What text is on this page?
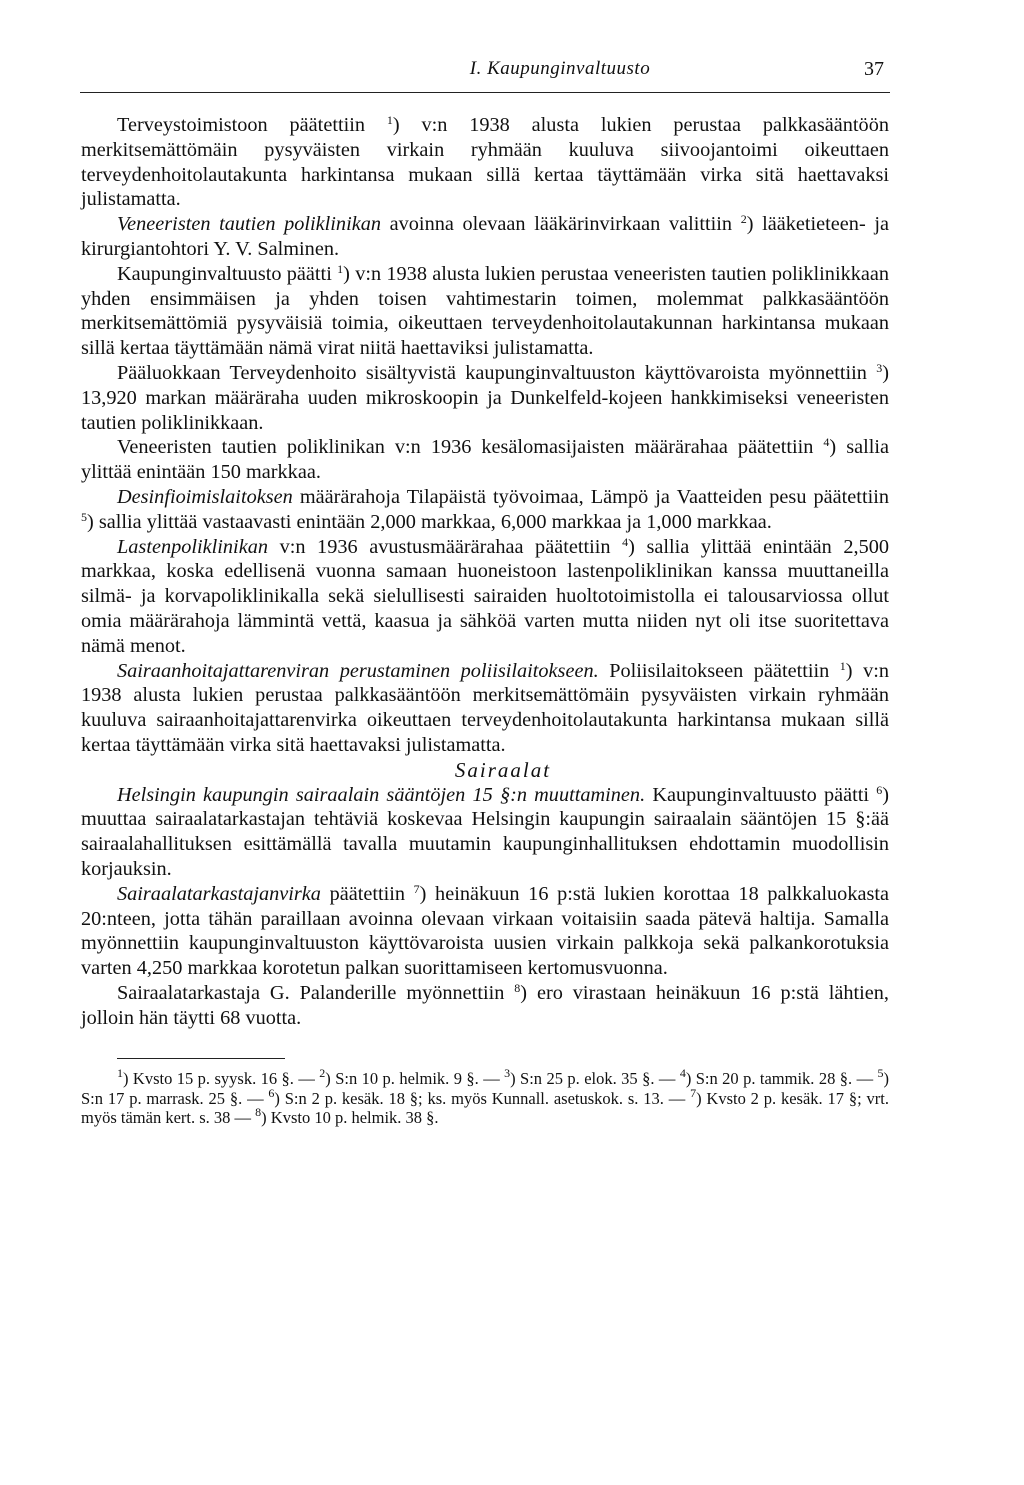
I. Kaupunginvaltuusto	37

Terveystoimistoon päätettiin $^1$) v:n 1938 alusta lukien perustaa palkkasääntöön merkitsemättömäin pysyväisten virkain ryhmään kuuluva siivoojantoimi oikeuttaen terveydenhoitolautakunta harkintansa mukaan sillä kertaa täyttämään virka sitä haettavaksi julistamatta.

Veneeristen tautien poliklinikan avoinna olevaan lääkärinvirkaan valittiin $^2$) lääketieteen- ja kirurgiantohtori Y. V. Salminen.

Kaupunginvaltuusto päätti $^1$) v:n 1938 alusta lukien perustaa veneeristen tautien poliklinikkaan yhden ensimmäisen ja yhden toisen vahtimestarin toimen, molemmat palkkasääntöön merkitsemättömiä pysyväisiä toimia, oikeuttaen terveydenhoitolautakunnan harkintansa mukaan sillä kertaa täyttämään nämä virat niitä haettaviksi julistamatta.

Pääluokkaan Terveydenhoito sisältyvistä kaupunginvaltuuston käyttövaroista myönnettiin $^3$) 13,920 markan määräraha uuden mikroskoopin ja Dunkelfeld-kojeen hankkimiseksi veneeristen tautien poliklinikkaan.

Veneeristen tautien poliklinikan v:n 1936 kesälomasijaisten määrärahaa päätettiin $^4$) sallia ylittää enintään 150 markkaa.

Desinfioimislaitoksen määrärahoja Tilapäistä työvoimaa, Lämpö ja Vaatteiden pesu päätettiin $^5$) sallia ylittää vastaavasti enintään 2,000 markkaa, 6,000 markkaa ja 1,000 markkaa.

Lastenpoliklinikan v:n 1936 avustusmäärärahaa päätettiin $^4$) sallia ylittää enintään 2,500 markkaa, koska edellisenä vuonna samaan huoneistoon lastenpoliklinikan kanssa muuttaneilla silmä- ja korvapoliklinikalla sekä sielullisesti sairaiden huoltotoimistolla ei talousarviossa ollut omia määrärahoja lämmintä vettä, kaasua ja sähköä varten mutta niiden nyt oli itse suoritettava nämä menot.

Sairaanhoitajattarenviran perustaminen poliisilaitokseen. Poliisilaitokseen päätettiin $^1$) v:n 1938 alusta lukien perustaa palkkasääntöön merkitsemättömäin pysyväisten virkain ryhmään kuuluva sairaanhoitajattarenvirka oikeuttaen terveydenhoitolautakunta harkintansa mukaan sillä kertaa täyttämään virka sitä haettavaksi julistamatta.

Sairaalat

Helsingin kaupungin sairaalain sääntöjen 15 §:n muuttaminen. Kaupunginvaltuusto päätti $^6$) muuttaa sairaalatarkastajan tehtäviä koskevaa Helsingin kaupungin sairaalain sääntöjen 15 §:ää sairaalahallituksen esittämällä tavalla muutamin kaupunginhallituksen ehdottamin muodollisin korjauksin.

Sairaalatarkastajanvirka päätettiin $^7$) heinäkuun 16 p:stä lukien korottaa 18 palkkaluokasta 20:nteen, jotta tähän paraillaan avoinna olevaan virkaan voitaisiin saada pätevä haltija. Samalla myönnettiin kaupunginvaltuuston käyttövaroista uusien virkain palkkoja sekä palkankorotuksia varten 4,250 markkaa korotetun palkan suorittamiseen kertomusvuonna.

Sairaalatarkastaja G. Palanderille myönnettiin $^8$) ero virastaan heinäkuun 16 p:stä lähtien, jolloin hän täytti 68 vuotta.

$^1$) Kvsto 15 p. syysk. 16 §. — $^2$) S:n 10 p. helmik. 9 §. — $^3$) S:n 25 p. elok. 35 §. — $^4$) S:n 20 p. tammik. 28 §. — $^5$) S:n 17 p. marrask. 25 §. — $^6$) S:n 2 p. kesäk. 18 §; ks. myös Kunnall. asetuskok. s. 13. — $^7$) Kvsto 2 p. kesäk. 17 §; vrt. myös tämän kert. s. 38 — $^8$) Kvsto 10 p. helmik. 38 §.
